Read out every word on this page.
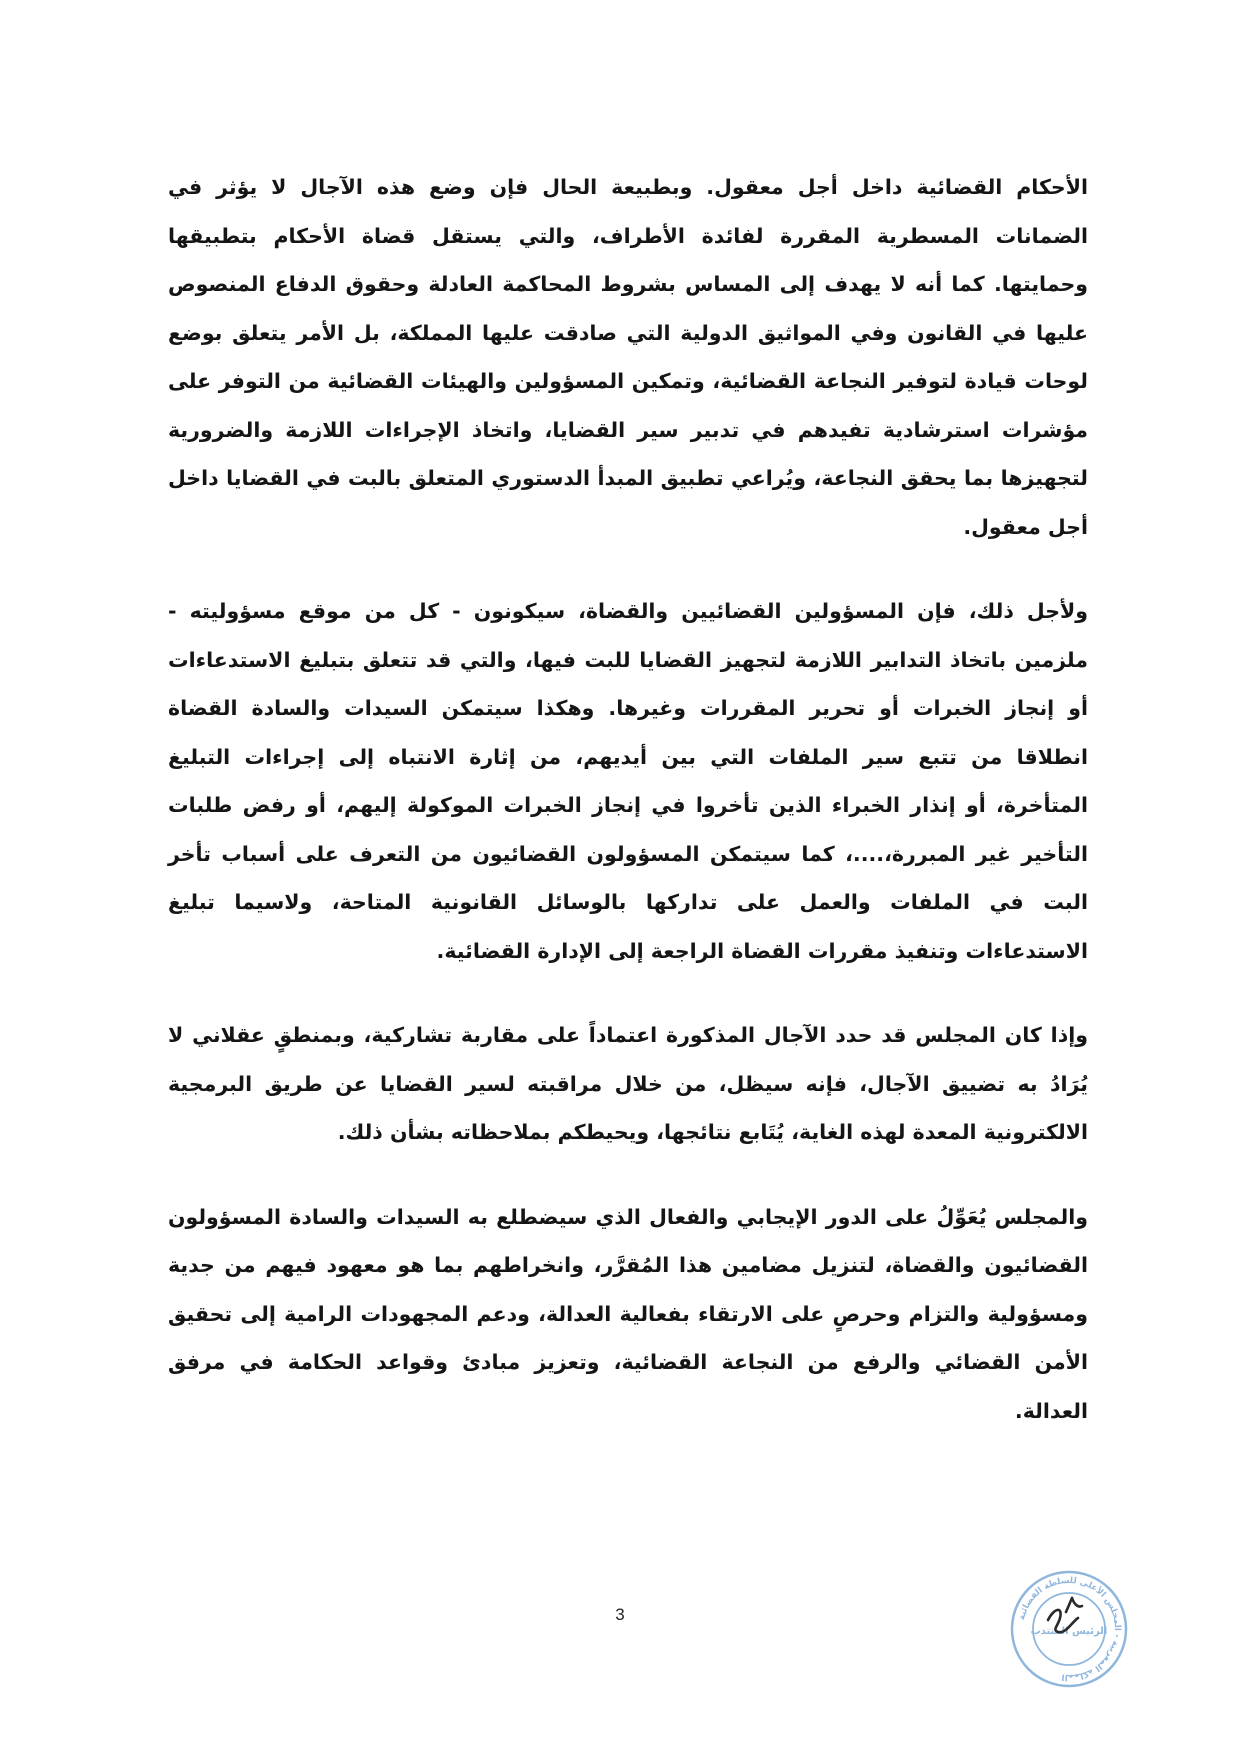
الأحكام القضائية داخل أجل معقول. وبطبيعة الحال فإن وضع هذه الآجال لا يؤثر في الضمانات المسطرية المقررة لفائدة الأطراف، والتي يستقل قضاة الأحكام بتطبيقها وحمايتها. كما أنه لا يهدف إلى المساس بشروط المحاكمة العادلة وحقوق الدفاع المنصوص عليها في القانون وفي المواثيق الدولية التي صادقت عليها المملكة، بل الأمر يتعلق بوضع لوحات قيادة لتوفير النجاعة القضائية، وتمكين المسؤولين والهيئات القضائية من التوفر على مؤشرات استرشادية تفيدهم في تدبير سير القضايا، واتخاذ الإجراءات اللازمة والضرورية لتجهيزها بما يحقق النجاعة، ويُراعي تطبيق المبدأ الدستوري المتعلق بالبت في القضايا داخل أجل معقول.

ولأجل ذلك، فإن المسؤولين القضائيين والقضاة، سيكونون - كل من موقع مسؤوليته - ملزمين باتخاذ التدابير اللازمة لتجهيز القضايا للبت فيها، والتي قد تتعلق بتبليغ الاستدعاءات أو إنجاز الخبرات أو تحرير المقررات وغيرها. وهكذا سيتمكن السيدات والسادة القضاة انطلاقا من تتبع سير الملفات التي بين أيديهم، من إثارة الانتباه إلى إجراءات التبليغ المتأخرة، أو إنذار الخبراء الذين تأخروا في إنجاز الخبرات الموكولة إليهم، أو رفض طلبات التأخير غير المبررة،....، كما سيتمكن المسؤولون القضائيون من التعرف على أسباب تأخر البت في الملفات والعمل على تداركها بالوسائل القانونية المتاحة، ولاسيما تبليغ الاستدعاءات وتنفيذ مقررات القضاة الراجعة إلى الإدارة القضائية.

وإذا كان المجلس قد حدد الآجال المذكورة اعتماداً على مقاربة تشاركية، وبمنطقٍ عقلاني لا يُرَادُ به تضييق الآجال، فإنه سيظل، من خلال مراقبته لسير القضايا عن طريق البرمجية الالكترونية المعدة لهذه الغاية، يُتَابع نتائجها، ويحيطكم بملاحظاته بشأن ذلك.

والمجلس يُعَوِّلُ على الدور الإيجابي والفعال الذي سيضطلع به السيدات والسادة المسؤولون القضائيون والقضاة، لتنزيل مضامين هذا المُقرَّر، وانخراطهم بما هو معهود فيهم من جدية ومسؤولية والتزام وحرصٍ على الارتقاء بفعالية العدالة، ودعم المجهودات الرامية إلى تحقيق الأمن القضائي والرفع من النجاعة القضائية، وتعزيز مبادئ وقواعد الحكامة في مرفق العدالة.

3	المملكة المغربية - المجلس الأعلى للسلطة القضائية
الرئيس المنتدب
